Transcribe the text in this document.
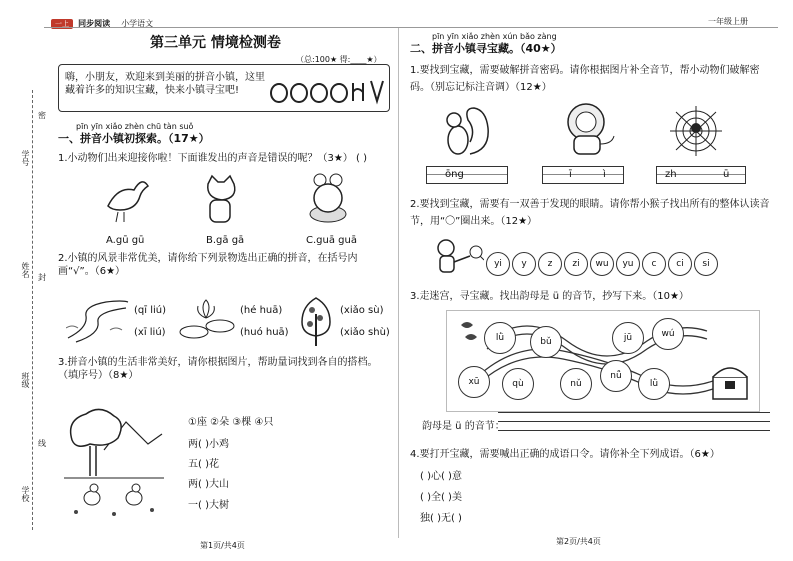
一上 同步阅读 小学语文	一年级上册
学号
姓名
班级
学校
密
封
线
第三单元 情境检测卷
（总:100★ 得:____★）
嗨，小朋友，欢迎来到美丽的拼音小镇，这里藏着许多的知识宝藏，快来小镇寻宝吧!
pīn yīn xiǎo zhèn chū tàn suǒ
一、拼音小镇初探索。（17★）
1.小动物们出来迎接你啦！下面谁发出的声音是错误的呢？（3★） ( )
A.gū gū	B.gā gā	C.guā guā
2.小镇的风景非常优美，请你给下列景物选出正确的拼音，在括号内画“√”。（6★）
(qī liú)
(xī liú)
(hé huā)
(huó huā)
(xiǎo sù)
(xiǎo shù)
3.拼音小镇的生活非常美好，请你根据图片，帮助量词找到各自的搭档。（填序号）（8★）
①座 ②朵 ③棵 ④只
两( )小鸡
五( )花
两( )大山
一( )大树
第1页/共4页
pīn yīn xiǎo zhèn xún bǎo zàng
二、拼音小镇寻宝藏。（40★）
1.要找到宝藏，需要破解拼音密码。请你根据图片补全音节，帮小动物们破解密码。（别忘记标注音调）（12★）
ōng	ī	ì	zh	ū
2.要找到宝藏，需要有一双善于发现的眼睛。请你帮小猴子找出所有的整体认读音节，用“〇”圈出来。（12★）
yi	y	z	zi	wu	yu	c	ci	si
3.走迷宫，寻宝藏。找出韵母是 ü 的音节，抄写下来。（10★）
lǜ	bǔ	jū	wú
xū	qù	nǔ
nǚ
lǜ
韵母是 ü 的音节：
4.要打开宝藏，需要喊出正确的成语口令。请你补全下列成语。（6★）
( )心( )意
( )全( )美
独( )无( )
第2页/共4页
